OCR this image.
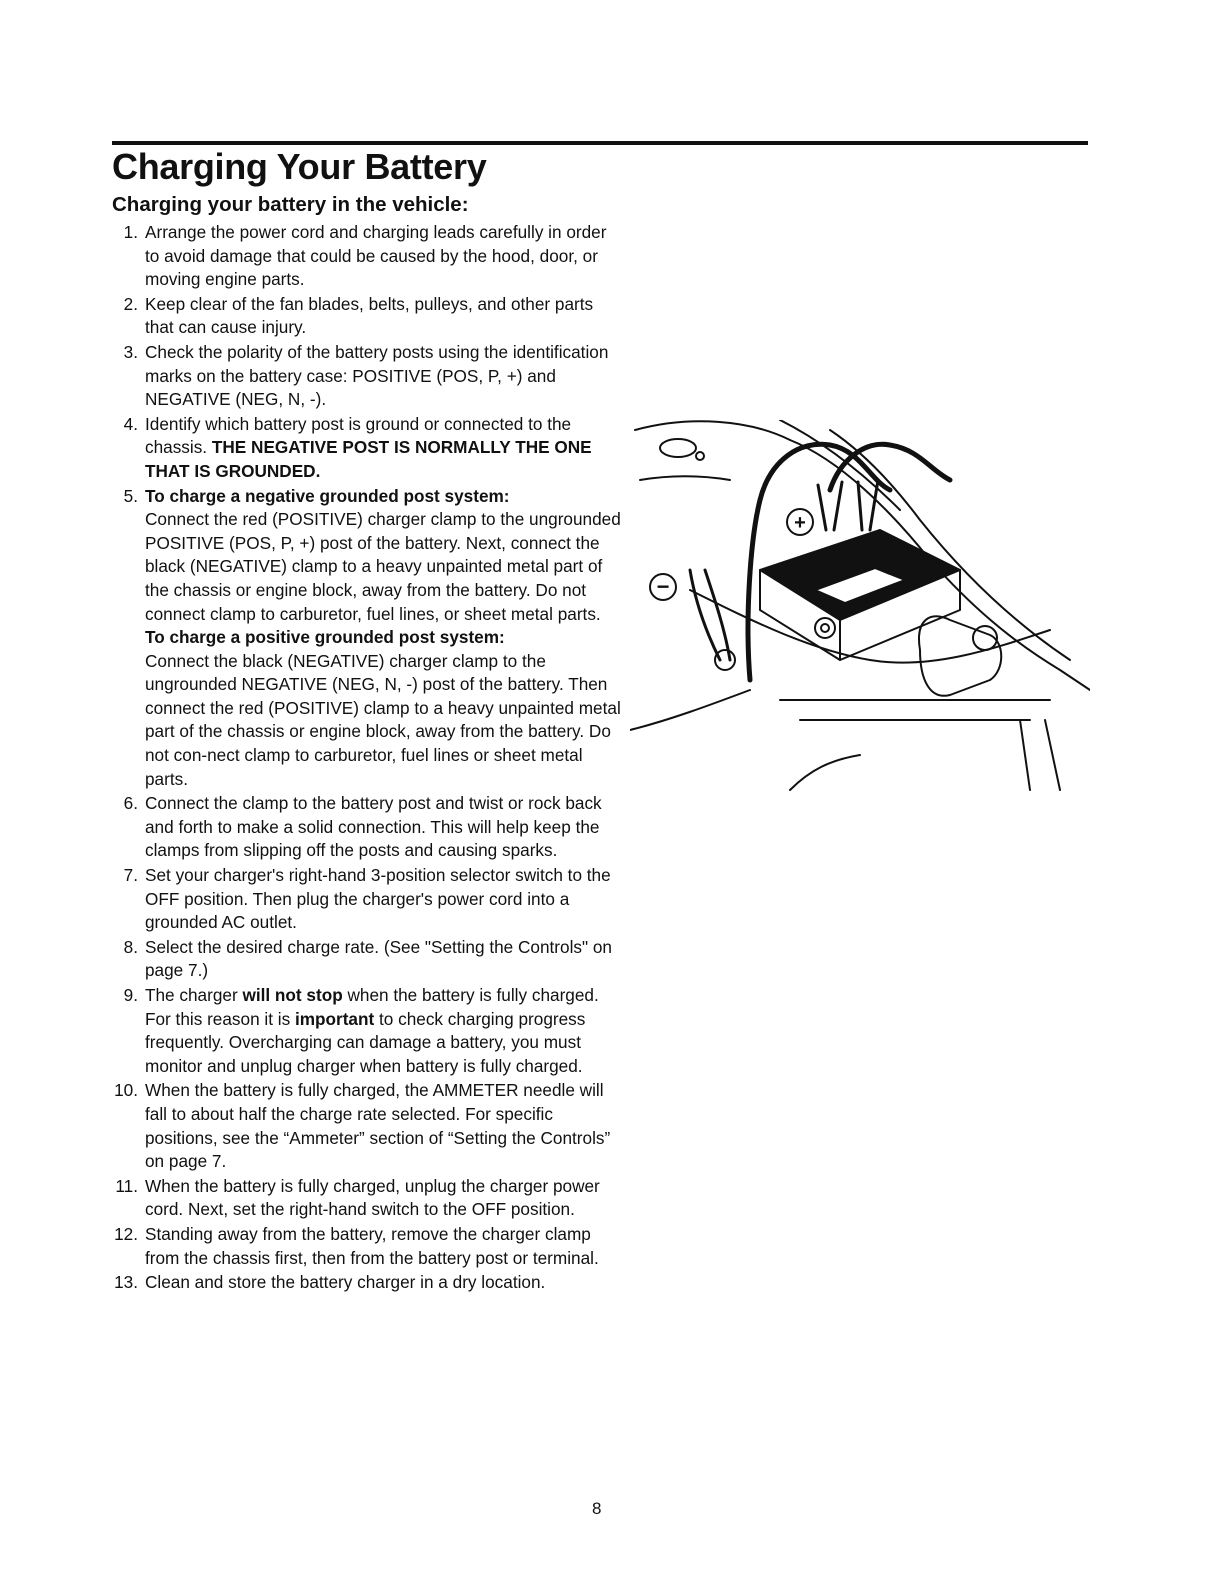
Charging Your Battery
Charging your battery in the vehicle:
1. Arrange the power cord and charging leads carefully in order to avoid damage that could be caused by the hood, door, or moving engine parts.
2. Keep clear of the fan blades, belts, pulleys, and other parts that can cause injury.
3. Check the polarity of the battery posts using the identification marks on the battery case: POSITIVE (POS, P, +) and NEGATIVE (NEG, N, -).
4. Identify which battery post is ground or connected to the chassis. THE NEGATIVE POST IS NORMALLY THE ONE THAT IS GROUNDED.
5. To charge a negative grounded post system:
Connect the red (POSITIVE) charger clamp to the ungrounded POSITIVE (POS, P, +) post of the battery. Next, connect the black (NEGATIVE) clamp to a heavy unpainted metal part of the chassis or engine block, away from the battery. Do not connect clamp to carburetor, fuel lines, or sheet metal parts.
To charge a positive grounded post system:
Connect the black (NEGATIVE) charger clamp to the ungrounded NEGATIVE (NEG, N, -) post of the battery. Then connect the red (POSITIVE) clamp to a heavy unpainted metal part of the chassis or engine block, away from the battery. Do not con-nect clamp to carburetor, fuel lines or sheet metal parts.
6. Connect the clamp to the battery post and twist or rock back and forth to make a solid connection. This will help keep the clamps from slipping off the posts and causing sparks.
7. Set your charger's right-hand 3-position selector switch to the OFF position. Then plug the charger's power cord into a grounded AC outlet.
8. Select the desired charge rate. (See "Setting the Controls" on page 7.)
9. The charger will not stop when the battery is fully charged. For this reason it is important to check charging progress frequently. Overcharging can damage a battery, you must monitor and unplug charger when battery is fully charged.
10. When the battery is fully charged, the AMMETER needle will fall to about half the charge rate selected. For specific positions, see the “Ammeter” section of “Setting the Controls” on page 7.
11. When the battery is fully charged, unplug the charger power cord. Next, set the right-hand switch to the OFF position.
12. Standing away from the battery, remove the charger clamp from the chassis first, then from the battery post or terminal.
13. Clean and store the battery charger in a dry location.
+
−
8
